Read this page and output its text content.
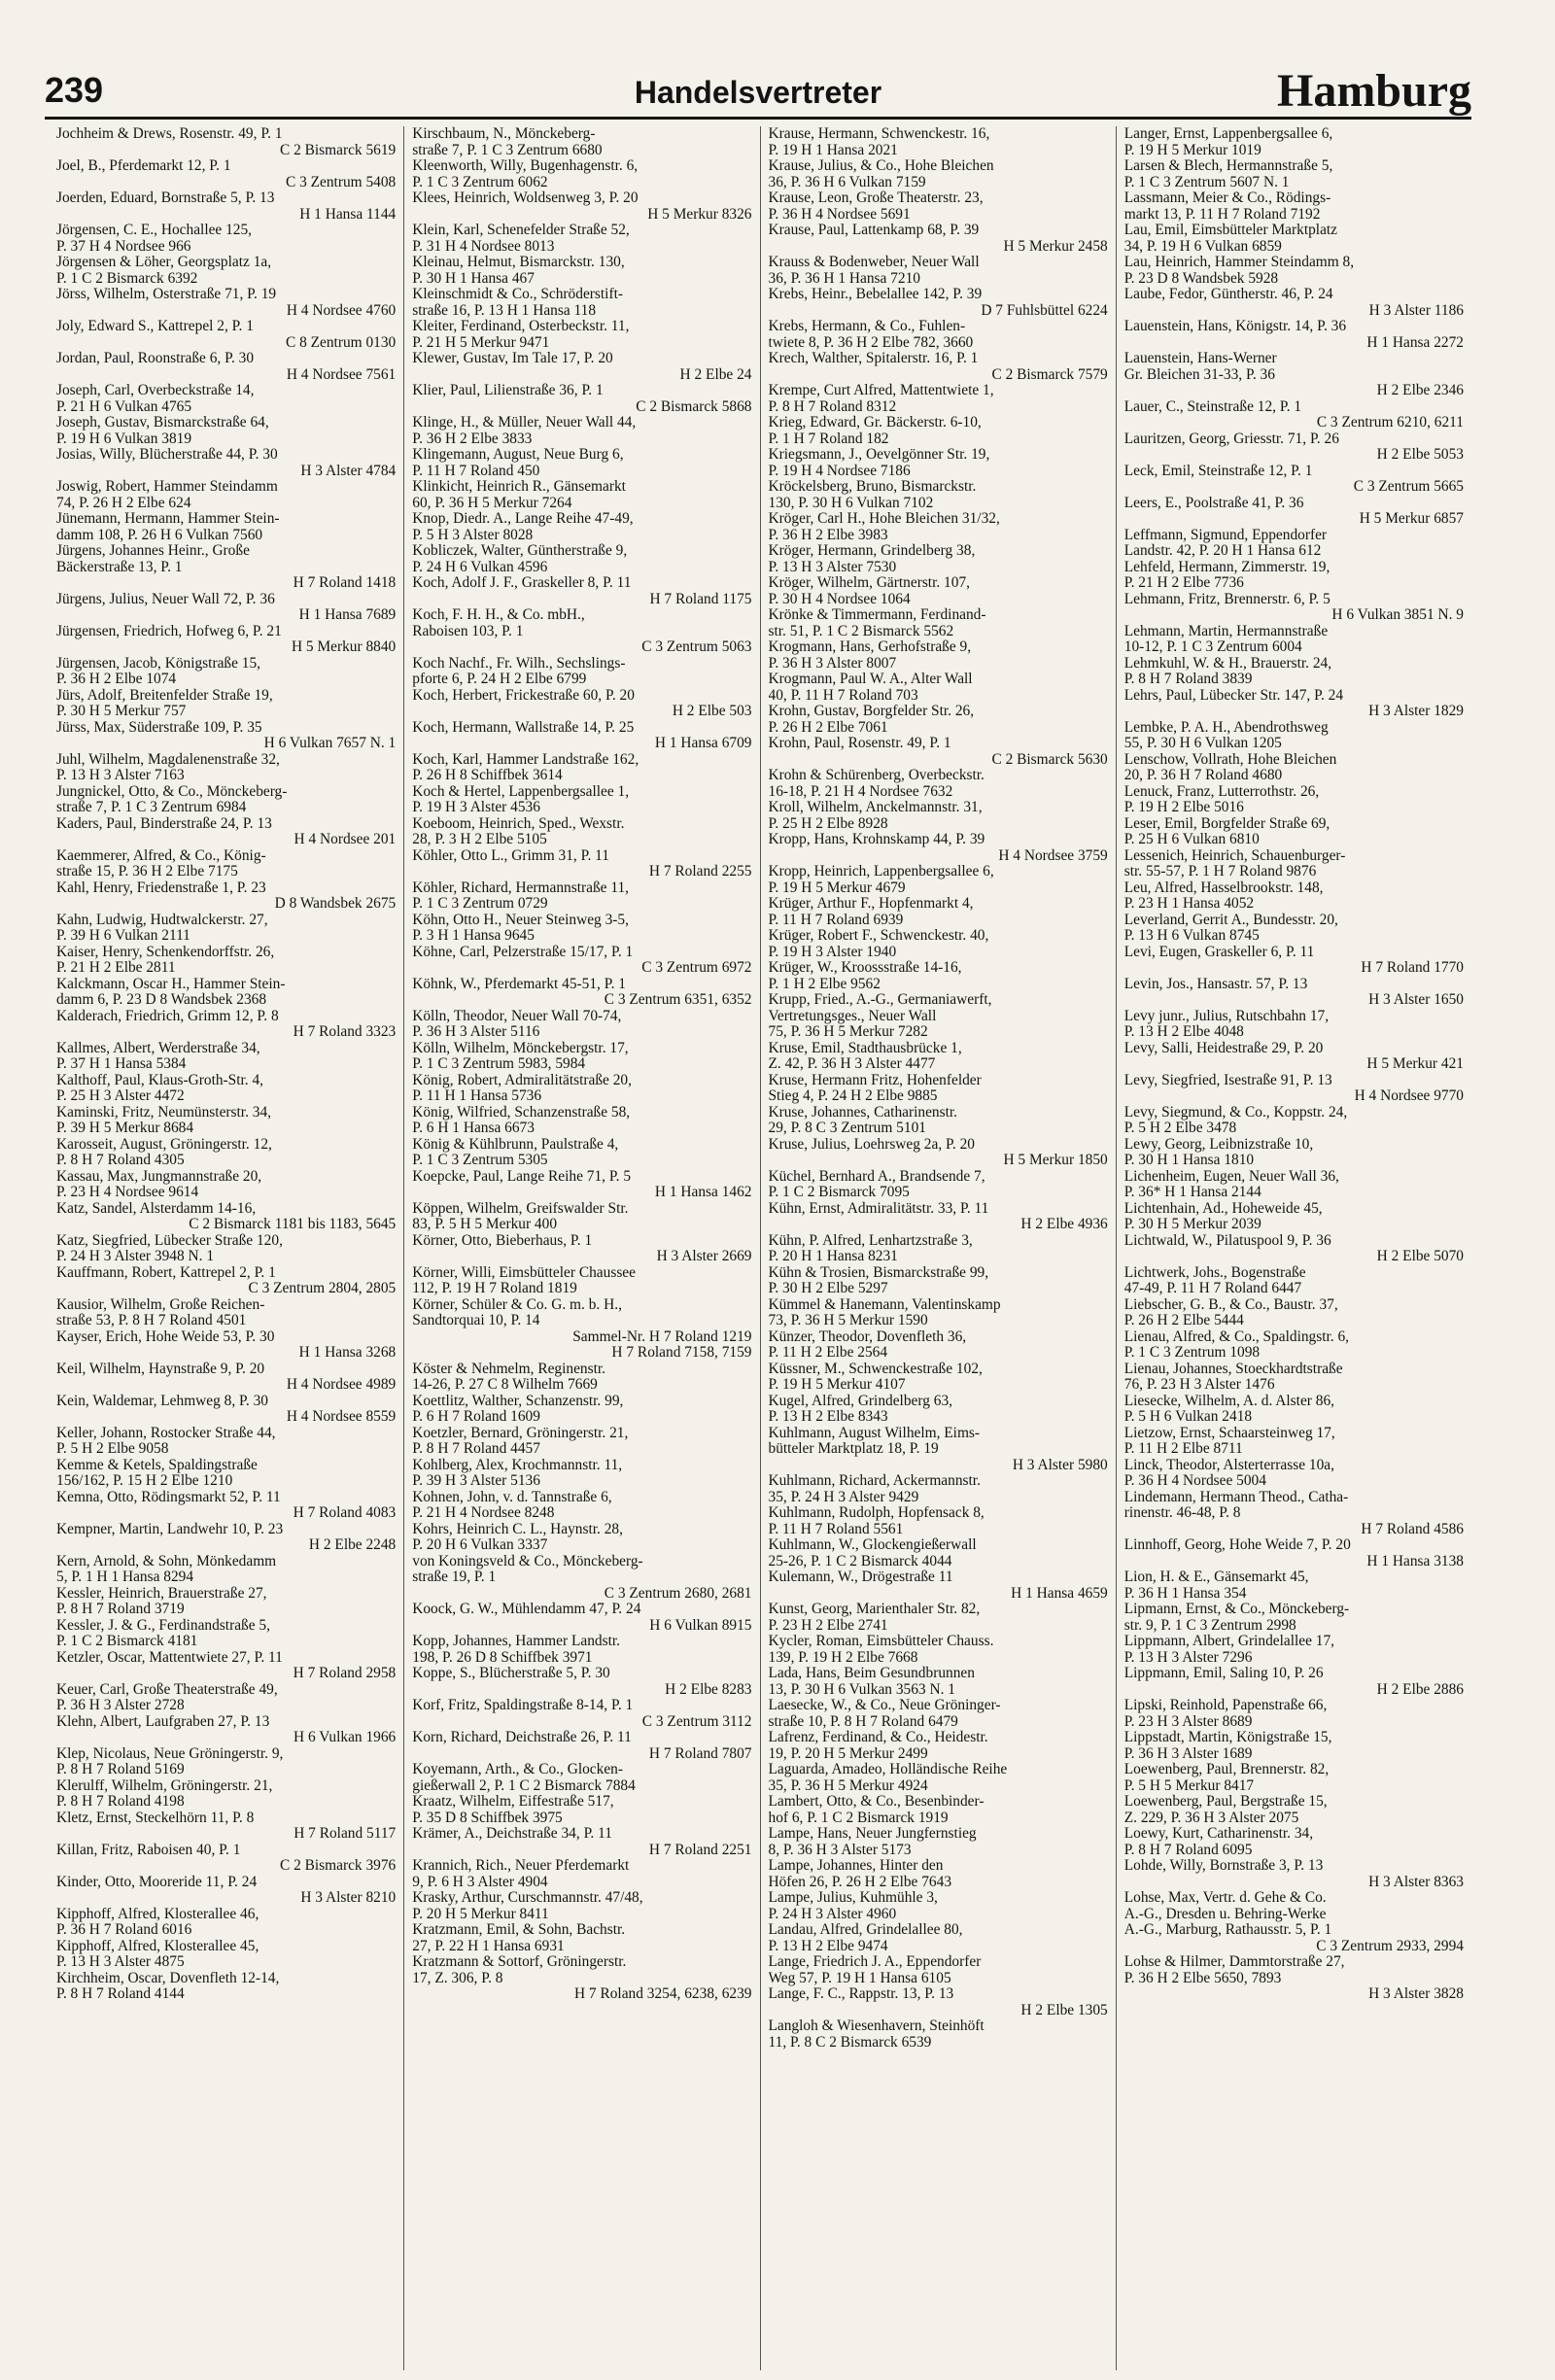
239	Handelsvertreter	Hamburg
Jochheim & Drews, Rosenstr. 49, P. 1
C 2 Bismarck 5619
Joel, B., Pferdemarkt 12, P. 1
C 3 Zentrum 5408
Joerden, Eduard, Bornstraße 5, P. 13
H 1 Hansa 1144
Jörgensen, C. E., Hochallee 125,
P. 37 H 4 Nordsee 966
Jörgensen & Löher, Georgsplatz 1a,
P. 1 C 2 Bismarck 6392
Jörss, Wilhelm, Osterstraße 71, P. 19
H 4 Nordsee 4760
Joly, Edward S., Kattrepel 2, P. 1
C 8 Zentrum 0130
Jordan, Paul, Roonstraße 6, P. 30
H 4 Nordsee 7561
Joseph, Carl, Overbeckstraße 14,
P. 21 H 6 Vulkan 4765
Joseph, Gustav, Bismarckstraße 64,
P. 19 H 6 Vulkan 3819
Josias, Willy, Blücherstraße 44, P. 30
H 3 Alster 4784
Joswig, Robert, Hammer Steindamm
74, P. 26 H 2 Elbe 624
Jünemann, Hermann, Hammer Stein-
damm 108, P. 26 H 6 Vulkan 7560
Jürgens, Johannes Heinr., Große
Bäckerstraße 13, P. 1
H 7 Roland 1418
Jürgens, Julius, Neuer Wall 72, P. 36
H 1 Hansa 7689
Jürgensen, Friedrich, Hofweg 6, P. 21
H 5 Merkur 8840
Jürgensen, Jacob, Königstraße 15,
P. 36 H 2 Elbe 1074
Jürs, Adolf, Breitenfelder Straße 19,
P. 30 H 5 Merkur 757
Jürss, Max, Süderstraße 109, P. 35
H 6 Vulkan 7657 N. 1
Juhl, Wilhelm, Magdalenenstraße 32,
P. 13 H 3 Alster 7163
Jungnickel, Otto, & Co., Mönckeberg-
straße 7, P. 1 C 3 Zentrum 6984
Kaders, Paul, Binderstraße 24, P. 13
H 4 Nordsee 201
Kaemmerer, Alfred, & Co., König-
straße 15, P. 36 H 2 Elbe 7175
Kahl, Henry, Friedenstraße 1, P. 23
D 8 Wandsbek 2675
Kahn, Ludwig, Hudtwalckerstr. 27,
P. 39 H 6 Vulkan 2111
Kaiser, Henry, Schenkendorffstr. 26,
P. 21 H 2 Elbe 2811
Kalckmann, Oscar H., Hammer Stein-
damm 6, P. 23 D 8 Wandsbek 2368
Kalderach, Friedrich, Grimm 12, P. 8
H 7 Roland 3323
Kallmes, Albert, Werderstraße 34,
P. 37 H 1 Hansa 5384
Kalthoff, Paul, Klaus-Groth-Str. 4,
P. 25 H 3 Alster 4472
Kaminski, Fritz, Neumünsterstr. 34,
P. 39 H 5 Merkur 8684
Karosseit, August, Gröningerstr. 12,
P. 8 H 7 Roland 4305
Kassau, Max, Jungmannstraße 20,
P. 23 H 4 Nordsee 9614
Katz, Sandel, Alsterdamm 14-16,
C 2 Bismarck 1181 bis 1183, 5645
Katz, Siegfried, Lübecker Straße 120,
P. 24 H 3 Alster 3948 N. 1
Kauffmann, Robert, Kattrepel 2, P. 1
C 3 Zentrum 2804, 2805
Kausior, Wilhelm, Große Reichen-
straße 53, P. 8 H 7 Roland 4501
Kayser, Erich, Hohe Weide 53, P. 30
H 1 Hansa 3268
Keil, Wilhelm, Haynstraße 9, P. 20
H 4 Nordsee 4989
Kein, Waldemar, Lehmweg 8, P. 30
H 4 Nordsee 8559
Keller, Johann, Rostocker Straße 44,
P. 5 H 2 Elbe 9058
Kemme & Ketels, Spaldingstraße
156/162, P. 15 H 2 Elbe 1210
Kemna, Otto, Rödingsmarkt 52, P. 11
H 7 Roland 4083
Kempner, Martin, Landwehr 10, P. 23
H 2 Elbe 2248
Kern, Arnold, & Sohn, Mönkedamm
5, P. 1 H 1 Hansa 8294
Kessler, Heinrich, Brauerstraße 27,
P. 8 H 7 Roland 3719
Kessler, J. & G., Ferdinandstraße 5,
P. 1 C 2 Bismarck 4181
Ketzler, Oscar, Mattentwiete 27, P. 11
H 7 Roland 2958
Keuer, Carl, Große Theaterstraße 49,
P. 36 H 3 Alster 2728
Klehn, Albert, Laufgraben 27, P. 13
H 6 Vulkan 1966
Klep, Nicolaus, Neue Gröningerstr. 9,
P. 8 H 7 Roland 5169
Klerulff, Wilhelm, Gröningerstr. 21,
P. 8 H 7 Roland 4198
Kletz, Ernst, Steckelhörn 11, P. 8
H 7 Roland 5117
Killan, Fritz, Raboisen 40, P. 1
C 2 Bismarck 3976
Kinder, Otto, Mooreride 11, P. 24
H 3 Alster 8210
Kipphoff, Alfred, Klosterallee 46,
P. 36 H 7 Roland 6016
Kipphoff, Alfred, Klosterallee 45,
P. 13 H 3 Alster 4875
Kirchheim, Oscar, Dovenfleth 12-14,
P. 8 H 7 Roland 4144
Kirschbaum, N., Mönckeberg-
straße 7, P. 1 C 3 Zentrum 6680
Kleenworth, Willy, Bugenhagenstr. 6,
P. 1 C 3 Zentrum 6062
Klees, Heinrich, Woldsenweg 3, P. 20
H 5 Merkur 8326
Klein, Karl, Schenefelder Straße 52,
P. 31 H 4 Nordsee 8013
Kleinau, Helmut, Bismarckstr. 130,
P. 30 H 1 Hansa 467
Kleinschmidt & Co., Schröderstift-
straße 16, P. 13 H 1 Hansa 118
Kleiter, Ferdinand, Osterbeckstr. 11,
P. 21 H 5 Merkur 9471
Klewer, Gustav, Im Tale 17, P. 20
H 2 Elbe 24
Klier, Paul, Lilienstraße 36, P. 1
C 2 Bismarck 5868
Klinge, H., & Müller, Neuer Wall 44,
P. 36 H 2 Elbe 3833
Klingemann, August, Neue Burg 6,
P. 11 H 7 Roland 450
Klinkicht, Heinrich R., Gänsemarkt
60, P. 36 H 5 Merkur 7264
Knop, Diedr. A., Lange Reihe 47-49,
P. 5 H 3 Alster 8028
Kobliczek, Walter, Güntherstraße 9,
P. 24 H 6 Vulkan 4596
Koch, Adolf J. F., Graskeller 8, P. 11
H 7 Roland 1175
Koch, F. H. H., & Co. mbH.,
Raboisen 103, P. 1
C 3 Zentrum 5063
Koch Nachf., Fr. Wilh., Sechslings-
pforte 6, P. 24 H 2 Elbe 6799
Koch, Herbert, Frickestraße 60, P. 20
H 2 Elbe 503
Koch, Hermann, Wallstraße 14, P. 25
H 1 Hansa 6709
Koch, Karl, Hammer Landstraße 162,
P. 26 H 8 Schiffbek 3614
Koch & Hertel, Lappenbergsallee 1,
P. 19 H 3 Alster 4536
Koeboom, Heinrich, Sped., Wexstr.
28, P. 3 H 2 Elbe 5105
Köhler, Otto L., Grimm 31, P. 11
H 7 Roland 2255
Köhler, Richard, Hermannstraße 11,
P. 1 C 3 Zentrum 0729
Köhn, Otto H., Neuer Steinweg 3-5,
P. 3 H 1 Hansa 9645
Köhne, Carl, Pelzerstraße 15/17, P. 1
C 3 Zentrum 6972
Köhnk, W., Pferdemarkt 45-51, P. 1
C 3 Zentrum 6351, 6352
Kölln, Theodor, Neuer Wall 70-74,
P. 36 H 3 Alster 5116
Kölln, Wilhelm, Mönckebergstr. 17,
P. 1 C 3 Zentrum 5983, 5984
König, Robert, Admiralitätstraße 20,
P. 11 H 1 Hansa 5736
König, Wilfried, Schanzenstraße 58,
P. 6 H 1 Hansa 6673
König & Kühlbrunn, Paulstraße 4,
P. 1 C 3 Zentrum 5305
Koepcke, Paul, Lange Reihe 71, P. 5
H 1 Hansa 1462
Köppen, Wilhelm, Greifswalder Str.
83, P. 5 H 5 Merkur 400
Körner, Otto, Bieberhaus, P. 1
H 3 Alster 2669
Körner, Willi, Eimsbütteler Chaussee
112, P. 19 H 7 Roland 1819
Körner, Schüler & Co. G. m. b. H.,
Sandtorquai 10, P. 14
Sammel-Nr. H 7 Roland 1219
H 7 Roland 7158, 7159
Köster & Nehmelm, Reginenstr.
14-26, P. 27 C 8 Wilhelm 7669
Koettlitz, Walther, Schanzenstr. 99,
P. 6 H 7 Roland 1609
Koetzler, Bernard, Gröningerstr. 21,
P. 8 H 7 Roland 4457
Kohlberg, Alex, Krochmannstr. 11,
P. 39 H 3 Alster 5136
Kohnen, John, v. d. Tannstraße 6,
P. 21 H 4 Nordsee 8248
Kohrs, Heinrich C. L., Haynstr. 28,
P. 20 H 6 Vulkan 3337
von Koningsveld & Co., Mönckeberg-
straße 19, P. 1
C 3 Zentrum 2680, 2681
Koock, G. W., Mühlendamm 47, P. 24
H 6 Vulkan 8915
Kopp, Johannes, Hammer Landstr.
198, P. 26 D 8 Schiffbek 3971
Koppe, S., Blücherstraße 5, P. 30
H 2 Elbe 8283
Korf, Fritz, Spaldingstraße 8-14, P. 1
C 3 Zentrum 3112
Korn, Richard, Deichstraße 26, P. 11
H 7 Roland 7807
Koyemann, Arth., & Co., Glocken-
gießerwall 2, P. 1 C 2 Bismarck 7884
Kraatz, Wilhelm, Eiffestraße 517,
P. 35 D 8 Schiffbek 3975
Krämer, A., Deichstraße 34, P. 11
H 7 Roland 2251
Krannich, Rich., Neuer Pferdemarkt
9, P. 6 H 3 Alster 4904
Krasky, Arthur, Curschmannstr. 47/48,
P. 20 H 5 Merkur 8411
Kratzmann, Emil, & Sohn, Bachstr.
27, P. 22 H 1 Hansa 6931
Kratzmann & Sottorf, Gröningerstr.
17, Z. 306, P. 8
H 7 Roland 3254, 6238, 6239
Krause, Hermann, Schwenckestr. 16,
P. 19 H 1 Hansa 2021
Krause, Julius, & Co., Hohe Bleichen
36, P. 36 H 6 Vulkan 7159
Krause, Leon, Große Theaterstr. 23,
P. 36 H 4 Nordsee 5691
Krause, Paul, Lattenkamp 68, P. 39
H 5 Merkur 2458
Krauss & Bodenweber, Neuer Wall
36, P. 36 H 1 Hansa 7210
Krebs, Heinr., Bebelallee 142, P. 39
D 7 Fuhlsbüttel 6224
Krebs, Hermann, & Co., Fuhlen-
twiete 8, P. 36 H 2 Elbe 782, 3660
Krech, Walther, Spitalerstr. 16, P. 1
C 2 Bismarck 7579
Krempe, Curt Alfred, Mattentwiete 1,
P. 8 H 7 Roland 8312
Krieg, Edward, Gr. Bäckerstr. 6-10,
P. 1 H 7 Roland 182
Kriegsmann, J., Oevelgönner Str. 19,
P. 19 H 4 Nordsee 7186
Kröckelsberg, Bruno, Bismarckstr.
130, P. 30 H 6 Vulkan 7102
Kröger, Carl H., Hohe Bleichen 31/32,
P. 36 H 2 Elbe 3983
Kröger, Hermann, Grindelberg 38,
P. 13 H 3 Alster 7530
Kröger, Wilhelm, Gärtnerstr. 107,
P. 30 H 4 Nordsee 1064
Krönke & Timmermann, Ferdinand-
str. 51, P. 1 C 2 Bismarck 5562
Krogmann, Hans, Gerhofstraße 9,
P. 36 H 3 Alster 8007
Krogmann, Paul W. A., Alter Wall
40, P. 11 H 7 Roland 703
Krohn, Gustav, Borgfelder Str. 26,
P. 26 H 2 Elbe 7061
Krohn, Paul, Rosenstr. 49, P. 1
C 2 Bismarck 5630
Krohn & Schürenberg, Overbeckstr.
16-18, P. 21 H 4 Nordsee 7632
Kroll, Wilhelm, Anckelmannstr. 31,
P. 25 H 2 Elbe 8928
Kropp, Hans, Krohnskamp 44, P. 39
H 4 Nordsee 3759
Kropp, Heinrich, Lappenbergsallee 6,
P. 19 H 5 Merkur 4679
Krüger, Arthur F., Hopfenmarkt 4,
P. 11 H 7 Roland 6939
Krüger, Robert F., Schwenckestr. 40,
P. 19 H 3 Alster 1940
Krüger, W., Kroossstraße 14-16,
P. 1 H 2 Elbe 9562
Krupp, Fried., A.-G., Germaniawerft,
Vertretungsges., Neuer Wall
75, P. 36 H 5 Merkur 7282
Kruse, Emil, Stadthausbrücke 1,
Z. 42, P. 36 H 3 Alster 4477
Kruse, Hermann Fritz, Hohenfelder
Stieg 4, P. 24 H 2 Elbe 9885
Kruse, Johannes, Catharinenstr.
29, P. 8 C 3 Zentrum 5101
Kruse, Julius, Loehrsweg 2a, P. 20
H 5 Merkur 1850
Küchel, Bernhard A., Brandsende 7,
P. 1 C 2 Bismarck 7095
Kühn, Ernst, Admiralitätstr. 33, P. 11
H 2 Elbe 4936
Kühn, P. Alfred, Lenhartzstraße 3,
P. 20 H 1 Hansa 8231
Kühn & Trosien, Bismarckstraße 99,
P. 30 H 2 Elbe 5297
Kümmel & Hanemann, Valentinskamp
73, P. 36 H 5 Merkur 1590
Künzer, Theodor, Dovenfleth 36,
P. 11 H 2 Elbe 2564
Küssner, M., Schwenckestraße 102,
P. 19 H 5 Merkur 4107
Kugel, Alfred, Grindelberg 63,
P. 13 H 2 Elbe 8343
Kuhlmann, August Wilhelm, Eims-
bütteler Marktplatz 18, P. 19
H 3 Alster 5980
Kuhlmann, Richard, Ackermannstr.
35, P. 24 H 3 Alster 9429
Kuhlmann, Rudolph, Hopfensack 8,
P. 11 H 7 Roland 5561
Kuhlmann, W., Glockengießerwall
25-26, P. 1 C 2 Bismarck 4044
Kulemann, W., Drögestraße 11
H 1 Hansa 4659
Kunst, Georg, Marienthaler Str. 82,
P. 23 H 2 Elbe 2741
Kycler, Roman, Eimsbütteler Chauss.
139, P. 19 H 2 Elbe 7668
Lada, Hans, Beim Gesundbrunnen
13, P. 30 H 6 Vulkan 3563 N. 1
Laesecke, W., & Co., Neue Gröninger-
straße 10, P. 8 H 7 Roland 6479
Lafrenz, Ferdinand, & Co., Heidestr.
19, P. 20 H 5 Merkur 2499
Laguarda, Amadeo, Holländische Reihe
35, P. 36 H 5 Merkur 4924
Lambert, Otto, & Co., Besenbinder-
hof 6, P. 1 C 2 Bismarck 1919
Lampe, Hans, Neuer Jungfernstieg
8, P. 36 H 3 Alster 5173
Lampe, Johannes, Hinter den
Höfen 26, P. 26 H 2 Elbe 7643
Lampe, Julius, Kuhmühle 3,
P. 24 H 3 Alster 4960
Landau, Alfred, Grindelallee 80,
P. 13 H 2 Elbe 9474
Lange, Friedrich J. A., Eppendorfer
Weg 57, P. 19 H 1 Hansa 6105
Lange, F. C., Rappstr. 13, P. 13
H 2 Elbe 1305
Langloh & Wiesenhavern, Steinhöft
11, P. 8 C 2 Bismarck 6539
Langer, Ernst, Lappenbergsallee 6,
P. 19 H 5 Merkur 1019
Larsen & Blech, Hermannstraße 5,
P. 1 C 3 Zentrum 5607 N. 1
Lassmann, Meier & Co., Rödings-
markt 13, P. 11 H 7 Roland 7192
Lau, Emil, Eimsbütteler Marktplatz
34, P. 19 H 6 Vulkan 6859
Lau, Heinrich, Hammer Steindamm 8,
P. 23 D 8 Wandsbek 5928
Laube, Fedor, Güntherstr. 46, P. 24
H 3 Alster 1186
Lauenstein, Hans, Königstr. 14, P. 36
H 1 Hansa 2272
Lauenstein, Hans-Werner
Gr. Bleichen 31-33, P. 36
H 2 Elbe 2346
Lauer, C., Steinstraße 12, P. 1
C 3 Zentrum 6210, 6211
Lauritzen, Georg, Griesstr. 71, P. 26
H 2 Elbe 5053
Leck, Emil, Steinstraße 12, P. 1
C 3 Zentrum 5665
Leers, E., Poolstraße 41, P. 36
H 5 Merkur 6857
Leffmann, Sigmund, Eppendorfer
Landstr. 42, P. 20 H 1 Hansa 612
Lehfeld, Hermann, Zimmerstr. 19,
P. 21 H 2 Elbe 7736
Lehmann, Fritz, Brennerstr. 6, P. 5
H 6 Vulkan 3851 N. 9
Lehmann, Martin, Hermannstraße
10-12, P. 1 C 3 Zentrum 6004
Lehmkuhl, W. & H., Brauerstr. 24,
P. 8 H 7 Roland 3839
Lehrs, Paul, Lübecker Str. 147, P. 24
H 3 Alster 1829
Lembke, P. A. H., Abendrothsweg
55, P. 30 H 6 Vulkan 1205
Lenschow, Vollrath, Hohe Bleichen
20, P. 36 H 7 Roland 4680
Lenuck, Franz, Lutterrothstr. 26,
P. 19 H 2 Elbe 5016
Leser, Emil, Borgfelder Straße 69,
P. 25 H 6 Vulkan 6810
Lessenich, Heinrich, Schauenburger-
str. 55-57, P. 1 H 7 Roland 9876
Leu, Alfred, Hasselbrookstr. 148,
P. 23 H 1 Hansa 4052
Leverland, Gerrit A., Bundesstr. 20,
P. 13 H 6 Vulkan 8745
Levi, Eugen, Graskeller 6, P. 11
H 7 Roland 1770
Levin, Jos., Hansastr. 57, P. 13
H 3 Alster 1650
Levy junr., Julius, Rutschbahn 17,
P. 13 H 2 Elbe 4048
Levy, Salli, Heidestraße 29, P. 20
H 5 Merkur 421
Levy, Siegfried, Isestraße 91, P. 13
H 4 Nordsee 9770
Levy, Siegmund, & Co., Koppstr. 24,
P. 5 H 2 Elbe 3478
Lewy, Georg, Leibnizstraße 10,
P. 30 H 1 Hansa 1810
Lichenheim, Eugen, Neuer Wall 36,
P. 36* H 1 Hansa 2144
Lichtenhain, Ad., Hoheweide 45,
P. 30 H 5 Merkur 2039
Lichtwald, W., Pilatuspool 9, P. 36
H 2 Elbe 5070
Lichtwerk, Johs., Bogenstraße
47-49, P. 11 H 7 Roland 6447
Liebscher, G. B., & Co., Baustr. 37,
P. 26 H 2 Elbe 5444
Lienau, Alfred, & Co., Spaldingstr. 6,
P. 1 C 3 Zentrum 1098
Lienau, Johannes, Stoeckhardtstraße
76, P. 23 H 3 Alster 1476
Liesecke, Wilhelm, A. d. Alster 86,
P. 5 H 6 Vulkan 2418
Lietzow, Ernst, Schaarsteinweg 17,
P. 11 H 2 Elbe 8711
Linck, Theodor, Alsterterrasse 10a,
P. 36 H 4 Nordsee 5004
Lindemann, Hermann Theod., Catha-
rinenstr. 46-48, P. 8
H 7 Roland 4586
Linnhoff, Georg, Hohe Weide 7, P. 20
H 1 Hansa 3138
Lion, H. & E., Gänsemarkt 45,
P. 36 H 1 Hansa 354
Lipmann, Ernst, & Co., Mönckeberg-
str. 9, P. 1 C 3 Zentrum 2998
Lippmann, Albert, Grindelallee 17,
P. 13 H 3 Alster 7296
Lippmann, Emil, Saling 10, P. 26
H 2 Elbe 2886
Lipski, Reinhold, Papenstraße 66,
P. 23 H 3 Alster 8689
Lippstadt, Martin, Königstraße 15,
P. 36 H 3 Alster 1689
Loewenberg, Paul, Brennerstr. 82,
P. 5 H 5 Merkur 8417
Loewenberg, Paul, Bergstraße 15,
Z. 229, P. 36 H 3 Alster 2075
Loewy, Kurt, Catharinenstr. 34,
P. 8 H 7 Roland 6095
Lohde, Willy, Bornstraße 3, P. 13
H 3 Alster 8363
Lohse, Max, Vertr. d. Gehe & Co.
A.-G., Dresden u. Behring-Werke
A.-G., Marburg, Rathausstr. 5, P. 1
C 3 Zentrum 2933, 2994
Lohse & Hilmer, Dammtorstraße 27,
P. 36 H 2 Elbe 5650, 7893
H 3 Alster 3828
